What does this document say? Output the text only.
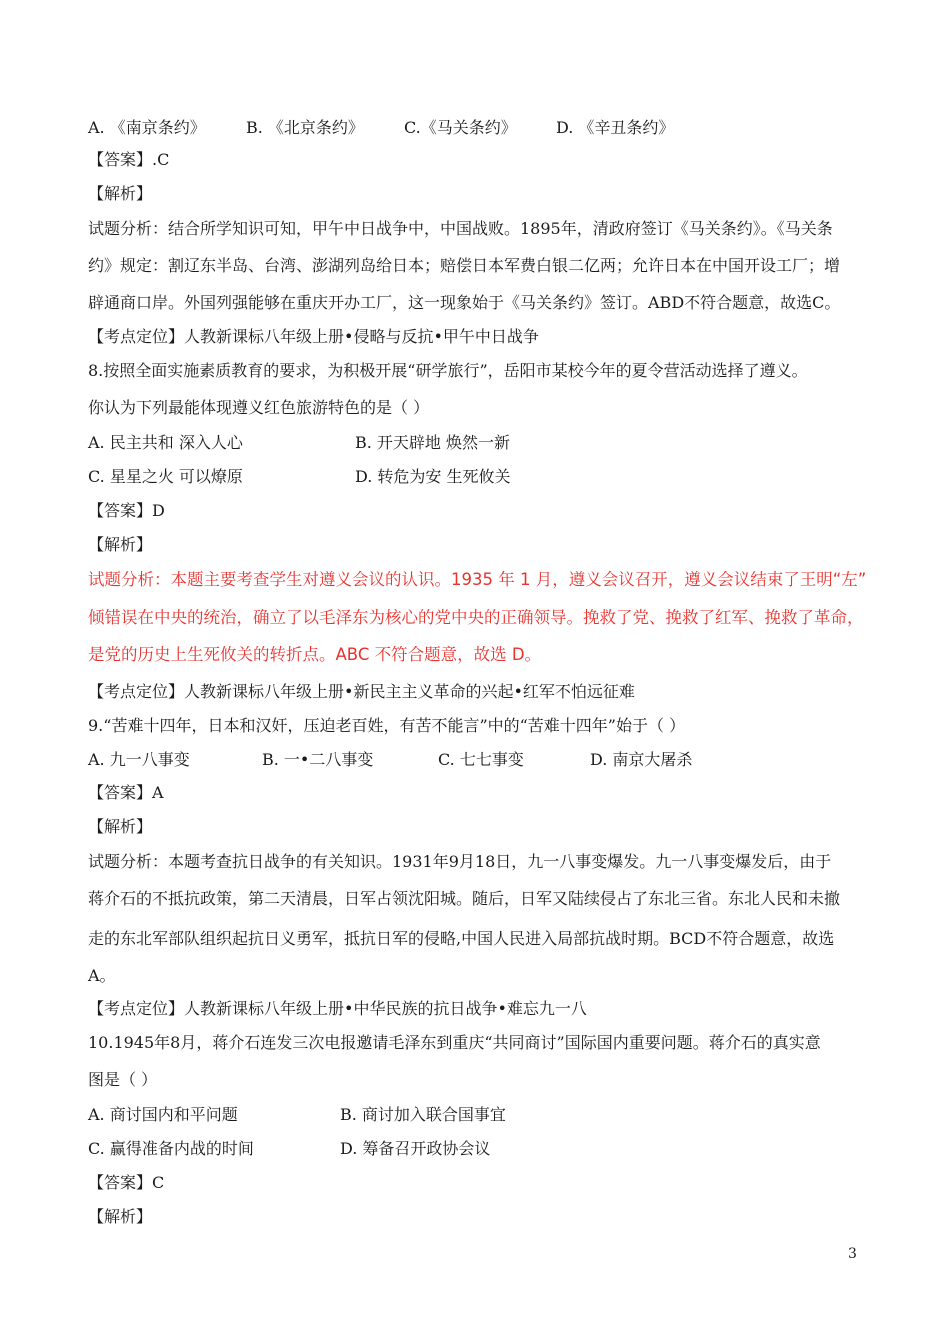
A. 《南京条约》	B. 《北京条约》	C.《马关条约》 D. 《辛丑条约》
【答案】.C
【解析】
试题分析：结合所学知识可知，甲午中日战争中，中国战败。1895年，清政府签订《马关条约》。《马关条
约》规定：割辽东半岛、台湾、澎湖列岛给日本；赔偿日本军费白银二亿两；允许日本在中国开设工厂；增
辟通商口岸。外国列强能够在重庆开办工厂，这一现象始于《马关条约》签订。ABD不符合题意，故选C。
【考点定位】人教新课标八年级上册•侵略与反抗•甲午中日战争
8.按照全面实施素质教育的要求，为积极开展“研学旅行”，岳阳市某校今年的夏令营活动选择了遵义。
你认为下列最能体现遵义红色旅游特色的是（ ）
A. 民主共和 深入人心	B. 开天辟地 焕然一新
C. 星星之火 可以燎原	D. 转危为安 生死攸关
【答案】D
【解析】
试题分析：本题主要考查学生对遵义会议的认识。1935 年 1 月，遵义会议召开，遵义会议结束了王明“左”
倾错误在中央的统治，确立了以毛泽东为核心的党中央的正确领导。挽救了党、挽救了红军、挽救了革命，
是党的历史上生死攸关的转折点。ABC 不符合题意，故选 D。
【考点定位】人教新课标八年级上册•新民主主义革命的兴起•红军不怕远征难
9.“苦难十四年，日本和汉奸，压迫老百姓，有苦不能言”中的“苦难十四年”始于（ ）
A. 九一八事变	B. 一•二八事变	C. 七七事变	D. 南京大屠杀
【答案】A
【解析】
试题分析：本题考查抗日战争的有关知识。1931年9月18日，九一八事变爆发。九一八事变爆发后，由于
蒋介石的不抵抗政策，第二天清晨，日军占领沈阳城。随后，日军又陆续侵占了东北三省。东北人民和未撤
走的东北军部队组织起抗日义勇军，抵抗日军的侵略,中国人民进入局部抗战时期。BCD不符合题意，故选
A。
【考点定位】人教新课标八年级上册•中华民族的抗日战争•难忘九一八
10.1945年8月，蒋介石连发三次电报邀请毛泽东到重庆“共同商讨”国际国内重要问题。蒋介石的真实意
图是（ ）
A. 商讨国内和平问题	B. 商讨加入联合国事宜
C. 赢得准备内战的时间	D. 筹备召开政协会议
【答案】C
【解析】
3
